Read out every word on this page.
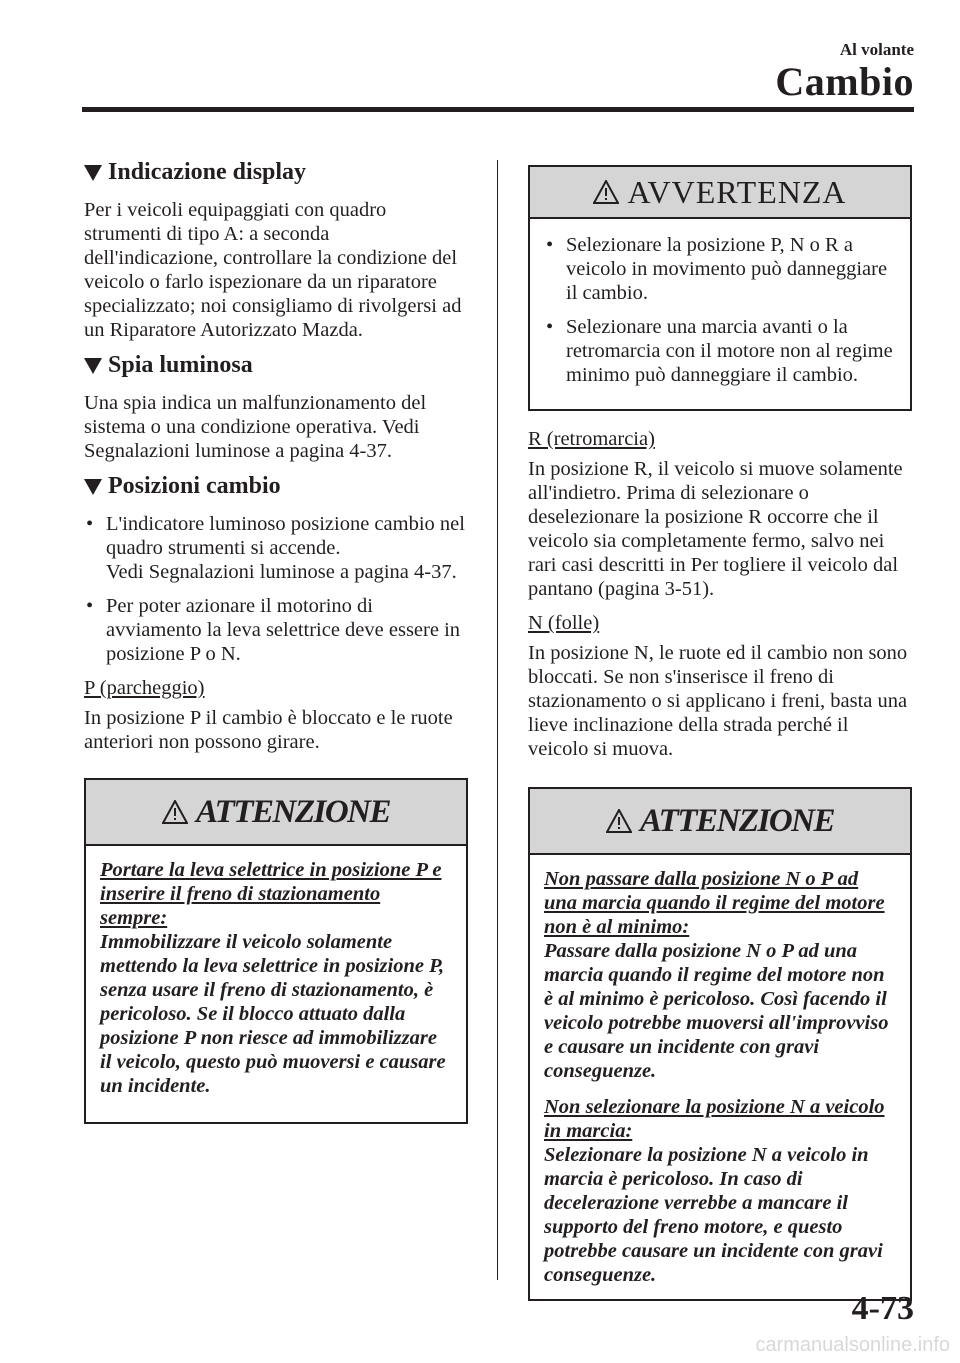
Al volante
Cambio
Indicazione display

Per i veicoli equipaggiati con quadro strumenti di tipo A: a seconda dell'indicazione, controllare la condizione del veicolo o farlo ispezionare da un riparatore specializzato; noi consigliamo di rivolgersi ad un Riparatore Autorizzato Mazda.

Spia luminosa

Una spia indica un malfunzionamento del sistema o una condizione operativa. Vedi Segnalazioni luminose a pagina 4-37.

Posizioni cambio
• L'indicatore luminoso posizione cambio nel quadro strumenti si accende.
Vedi Segnalazioni luminose a pagina 4-37.
• Per poter azionare il motorino di avviamento la leva selettrice deve essere in posizione P o N.
P (parcheggio)

In posizione P il cambio è bloccato e le ruote anteriori non possono girare.

ATTENZIONE
Portare la leva selettrice in posizione P e inserire il freno di stazionamento sempre:
Immobilizzare il veicolo solamente mettendo la leva selettrice in posizione P, senza usare il freno di stazionamento, è pericoloso. Se il blocco attuato dalla posizione P non riesce ad immobilizzare il veicolo, questo può muoversi e causare un incidente.
AVVERTENZA
• Selezionare la posizione P, N o R a veicolo in movimento può danneggiare il cambio.
• Selezionare una marcia avanti o la retromarcia con il motore non al regime minimo può danneggiare il cambio.
R (retromarcia)

In posizione R, il veicolo si muove solamente all'indietro. Prima di selezionare o deselezionare la posizione R occorre che il veicolo sia completamente fermo, salvo nei rari casi descritti in Per togliere il veicolo dal pantano (pagina 3-51).

N (folle)

In posizione N, le ruote ed il cambio non sono bloccati. Se non s'inserisce il freno di stazionamento o si applicano i freni, basta una lieve inclinazione della strada perché il veicolo si muova.

ATTENZIONE
Non passare dalla posizione N o P ad una marcia quando il regime del motore non è al minimo:
Passare dalla posizione N o P ad una marcia quando il regime del motore non è al minimo è pericoloso. Così facendo il veicolo potrebbe muoversi all'improvviso e causare un incidente con gravi conseguenze.
Non selezionare la posizione N a veicolo in marcia:
Selezionare la posizione N a veicolo in marcia è pericoloso. In caso di decelerazione verrebbe a mancare il supporto del freno motore, e questo potrebbe causare un incidente con gravi conseguenze.
4-73
carmanualsonline.info
